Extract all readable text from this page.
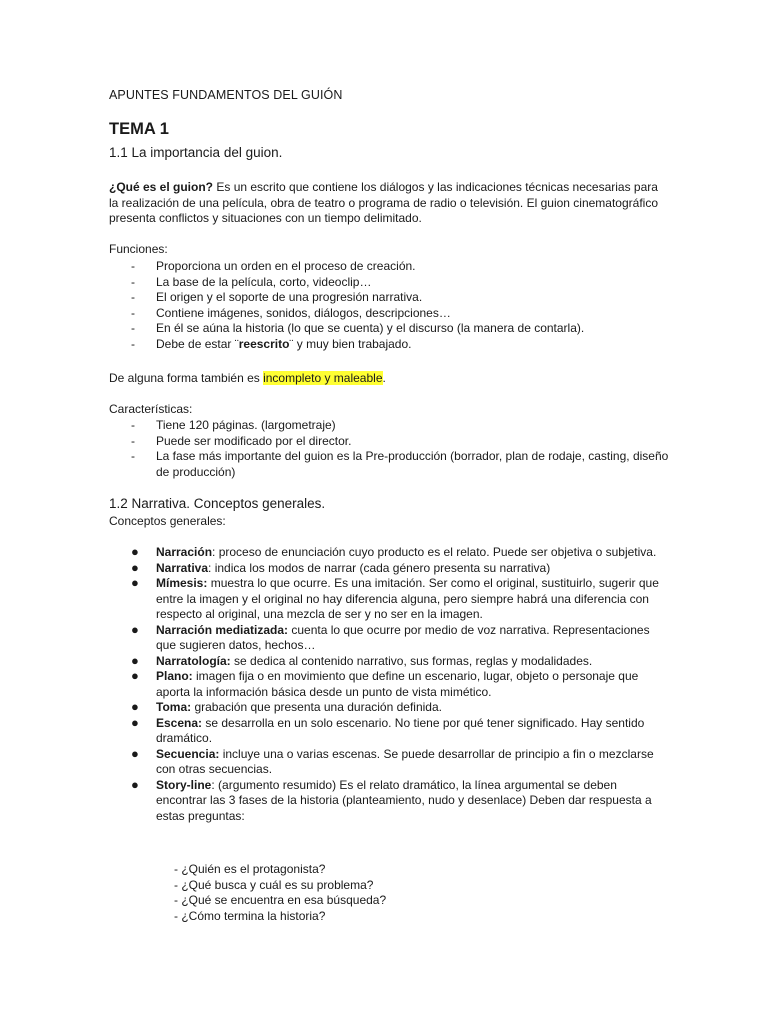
APUNTES FUNDAMENTOS DEL GUIÓN
TEMA 1
1.1 La importancia del guion.

¿Qué es el guion? Es un escrito que contiene los diálogos y las indicaciones técnicas necesarias para la realización de una película, obra de teatro o programa de radio o televisión. El guion cinematográfico presenta conflictos y situaciones con un tiempo delimitado.

Funciones:
- Proporciona un orden en el proceso de creación.
- La base de la película, corto, videoclip…
- El origen y el soporte de una progresión narrativa.
- Contiene imágenes, sonidos, diálogos, descripciones…
- En él se aúna la historia (lo que se cuenta) y el discurso (la manera de contarla).
- Debe de estar ¨reescrito¨ y muy bien trabajado.

De alguna forma también es incompleto y maleable.

Características:
- Tiene 120 páginas. (largometraje)
- Puede ser modificado por el director.
- La fase más importante del guion es la Pre-producción (borrador, plan de rodaje, casting, diseño de producción)
1.2 Narrativa. Conceptos generales.
Conceptos generales:
● Narración: proceso de enunciación cuyo producto es el relato. Puede ser objetiva o subjetiva.
● Narrativa: indica los modos de narrar (cada género presenta su narrativa)
● Mímesis: muestra lo que ocurre. Es una imitación. Ser como el original, sustituirlo, sugerir que entre la imagen y el original no hay diferencia alguna, pero siempre habrá una diferencia con respecto al original, una mezcla de ser y no ser en la imagen.
● Narración mediatizada: cuenta lo que ocurre por medio de voz narrativa. Representaciones que sugieren datos, hechos…
● Narratología: se dedica al contenido narrativo, sus formas, reglas y modalidades.
● Plano: imagen fija o en movimiento que define un escenario, lugar, objeto o personaje que aporta la información básica desde un punto de vista mimético.
● Toma: grabación que presenta una duración definida.
● Escena: se desarrolla en un solo escenario. No tiene por qué tener significado. Hay sentido dramático.
● Secuencia: incluye una o varias escenas. Se puede desarrollar de principio a fin o mezclarse con otras secuencias.
● Story-line: (argumento resumido) Es el relato dramático, la línea argumental se deben encontrar las 3 fases de la historia (planteamiento, nudo y desenlace) Deben dar respuesta a estas preguntas:
- ¿Quién es el protagonista?
- ¿Qué busca y cuál es su problema?
- ¿Qué se encuentra en esa búsqueda?
- ¿Cómo termina la historia?
